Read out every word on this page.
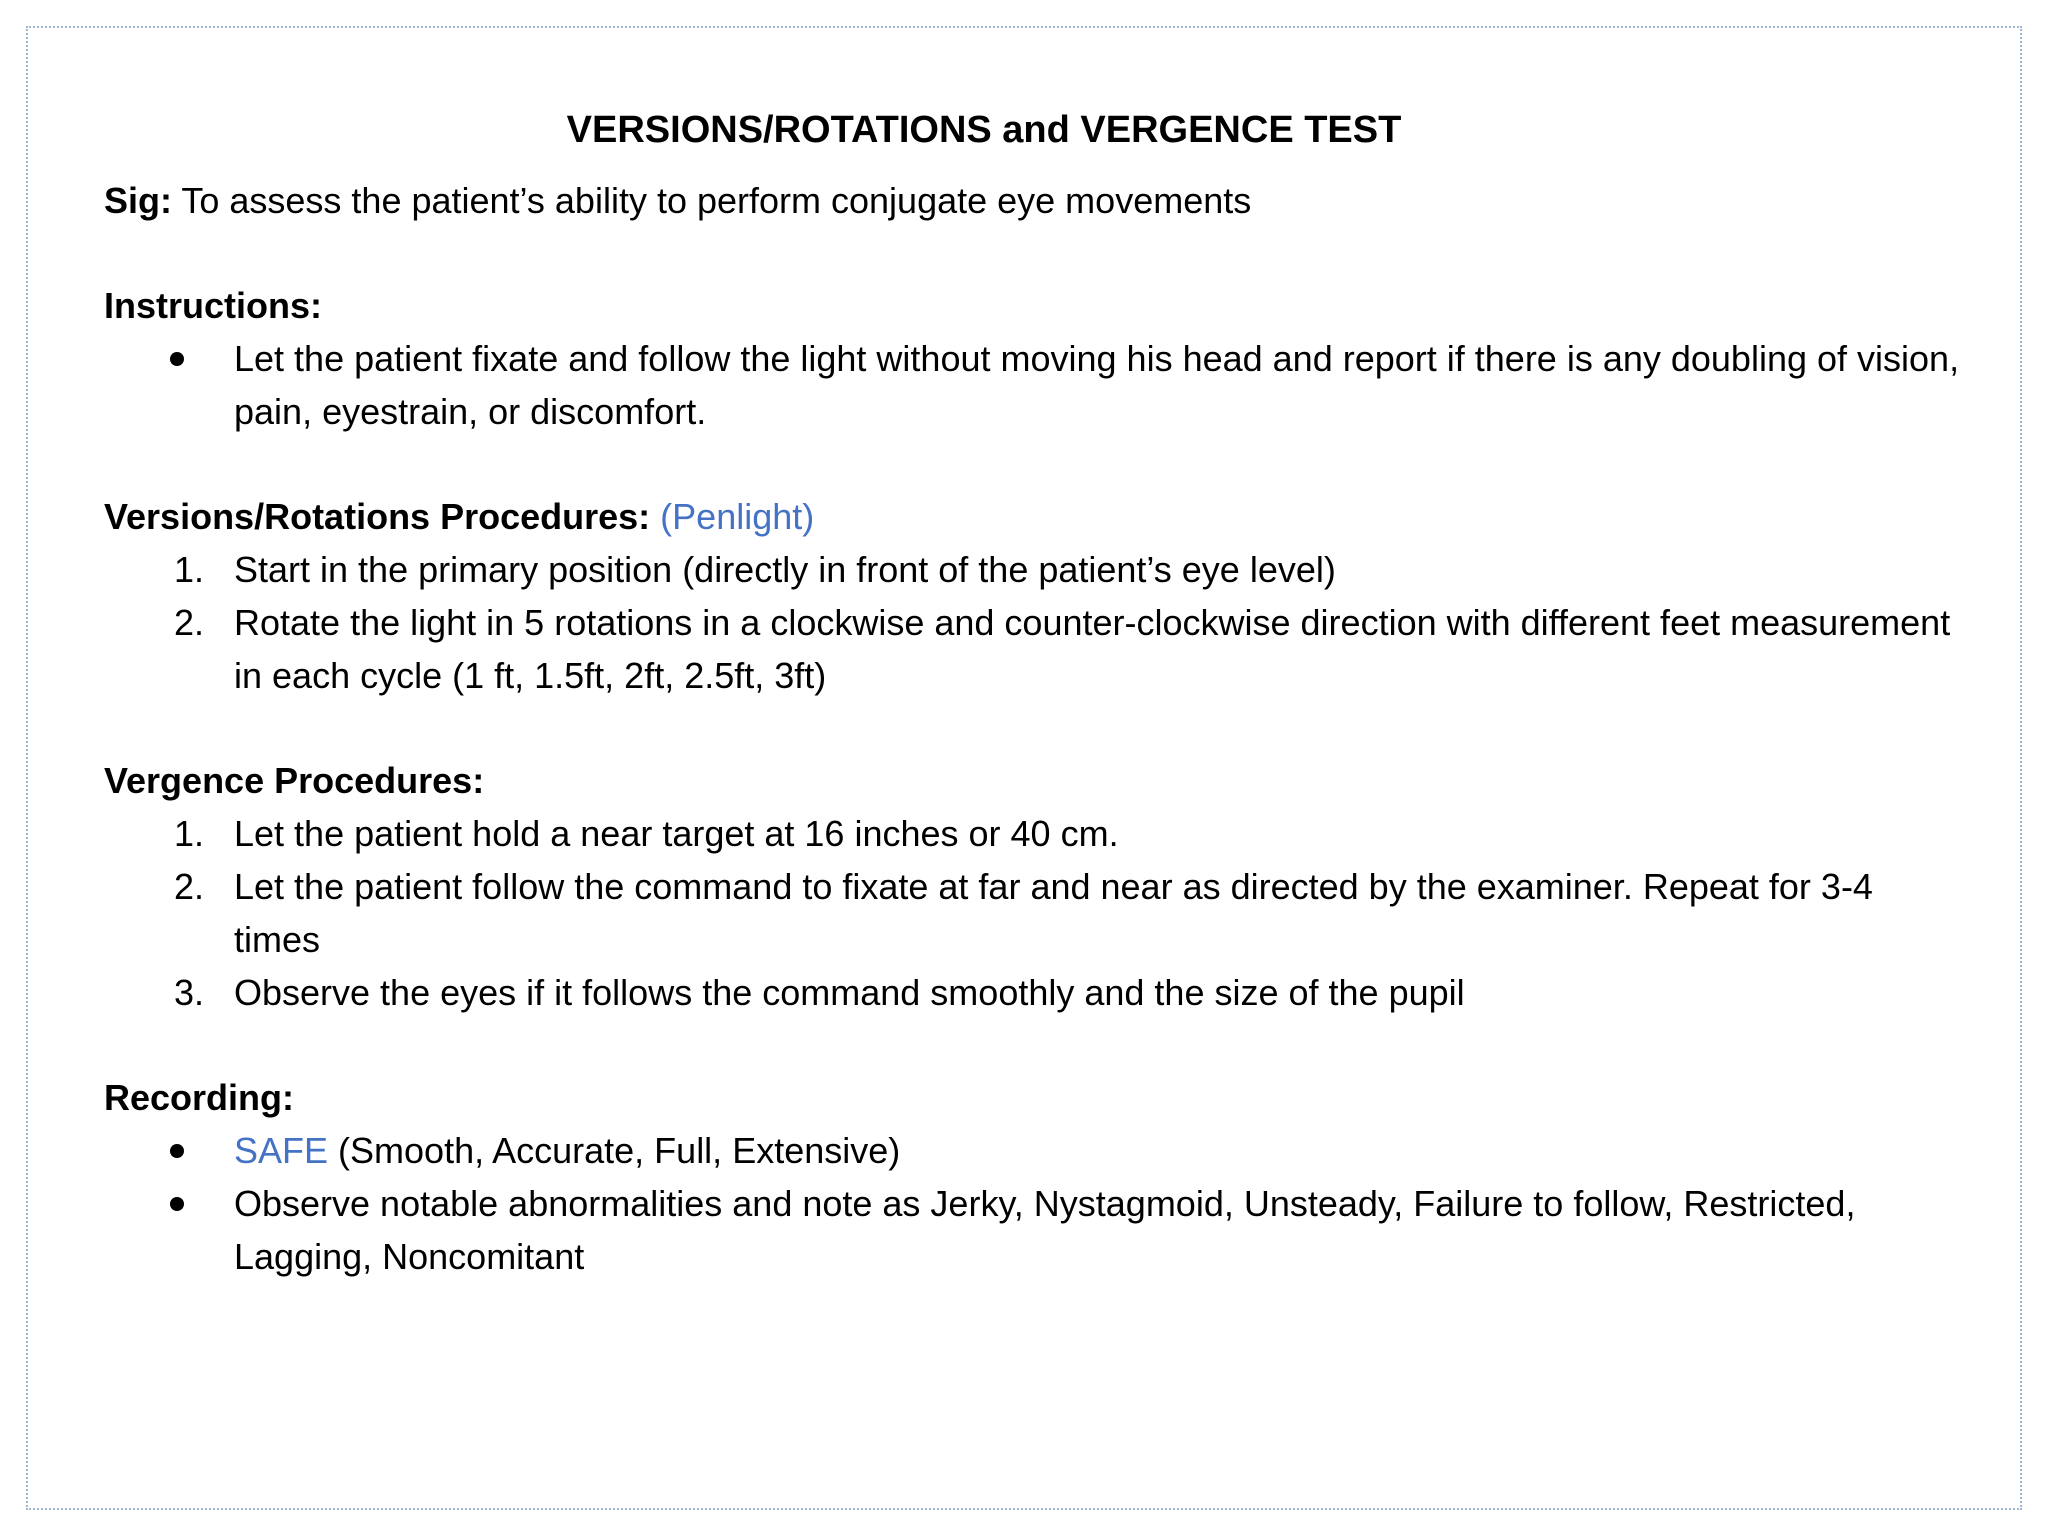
VERSIONS/ROTATIONS and VERGENCE TEST

Sig: To assess the patient’s ability to perform conjugate eye movements

Instructions:
Let the patient fixate and follow the light without moving his head and report if there is any doubling of vision, pain, eyestrain, or discomfort.
Versions/Rotations Procedures: (Penlight)
1. Start in the primary position (directly in front of the patient’s eye level)
2. Rotate the light in 5 rotations in a clockwise and counter-clockwise direction with different feet measurement in each cycle (1 ft, 1.5ft, 2ft, 2.5ft, 3ft)
Vergence Procedures:
1. Let the patient hold a near target at 16 inches or 40 cm.
2. Let the patient follow the command to fixate at far and near as directed by the examiner. Repeat for 3-4 times
3. Observe the eyes if it follows the command smoothly and the size of the pupil
Recording:
SAFE (Smooth, Accurate, Full, Extensive)
Observe notable abnormalities and note as Jerky, Nystagmoid, Unsteady, Failure to follow, Restricted, Lagging, Noncomitant
